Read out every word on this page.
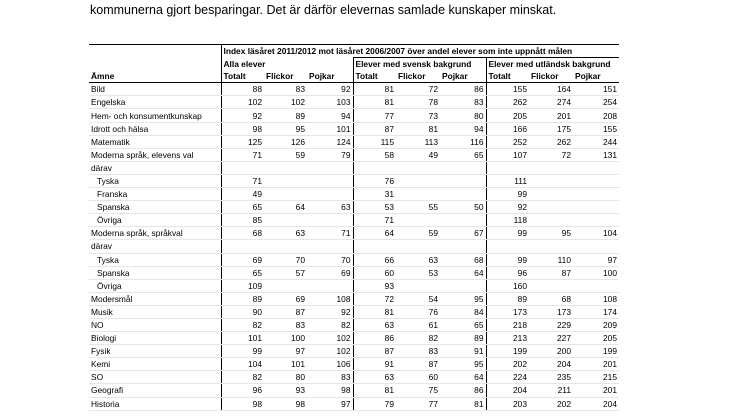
kommunerna gjort besparingar. Det är därför elevernas samlade kunskaper minskat.
	Index läsåret 2011/2012 mot läsåret 2006/2007 över andel elever som inte uppnått målen								
	Alla elever			Elever med svensk bakgrund			Elever med utländsk bakgrund		
Ämne	Totalt	Flickor	Pojkar	Totalt	Flickor	Pojkar	Totalt	Flickor	Pojkar
Bild	88	83	92	81	72	86	155	164	151
Engelska	102	102	103	81	78	83	262	274	254
Hem- och konsumentkunskap	92	89	94	77	73	80	205	201	208
Idrott och hälsa	98	95	101	87	81	94	166	175	155
Matematik	125	126	124	115	113	116	252	262	244
Moderna språk, elevens val	71	59	79	58	49	65	107	72	131
därav									
Tyska	71			76			111		
Franska	49			31			99		
Spanska	65	64	63	53	55	50	92		
Övriga	85			71			118		
Moderna språk, språkval	68	63	71	64	59	67	99	95	104
därav									
Tyska	69	70	70	66	63	68	99	110	97
Spanska	65	57	69	60	53	64	96	87	100
Övriga	109			93			160		
Modersmål	89	69	108	72	54	95	89	68	108
Musik	90	87	92	81	76	84	173	173	174
NO	82	83	82	63	61	65	218	229	209
Biologi	101	100	102	86	82	89	213	227	205
Fysik	99	97	102	87	83	91	199	200	199
Kemi	104	101	106	91	87	95	202	204	201
SO	82	80	83	63	60	64	224	235	215
Geografi	96	93	98	81	75	86	204	211	201
Historia	98	98	97	79	77	81	203	202	204
